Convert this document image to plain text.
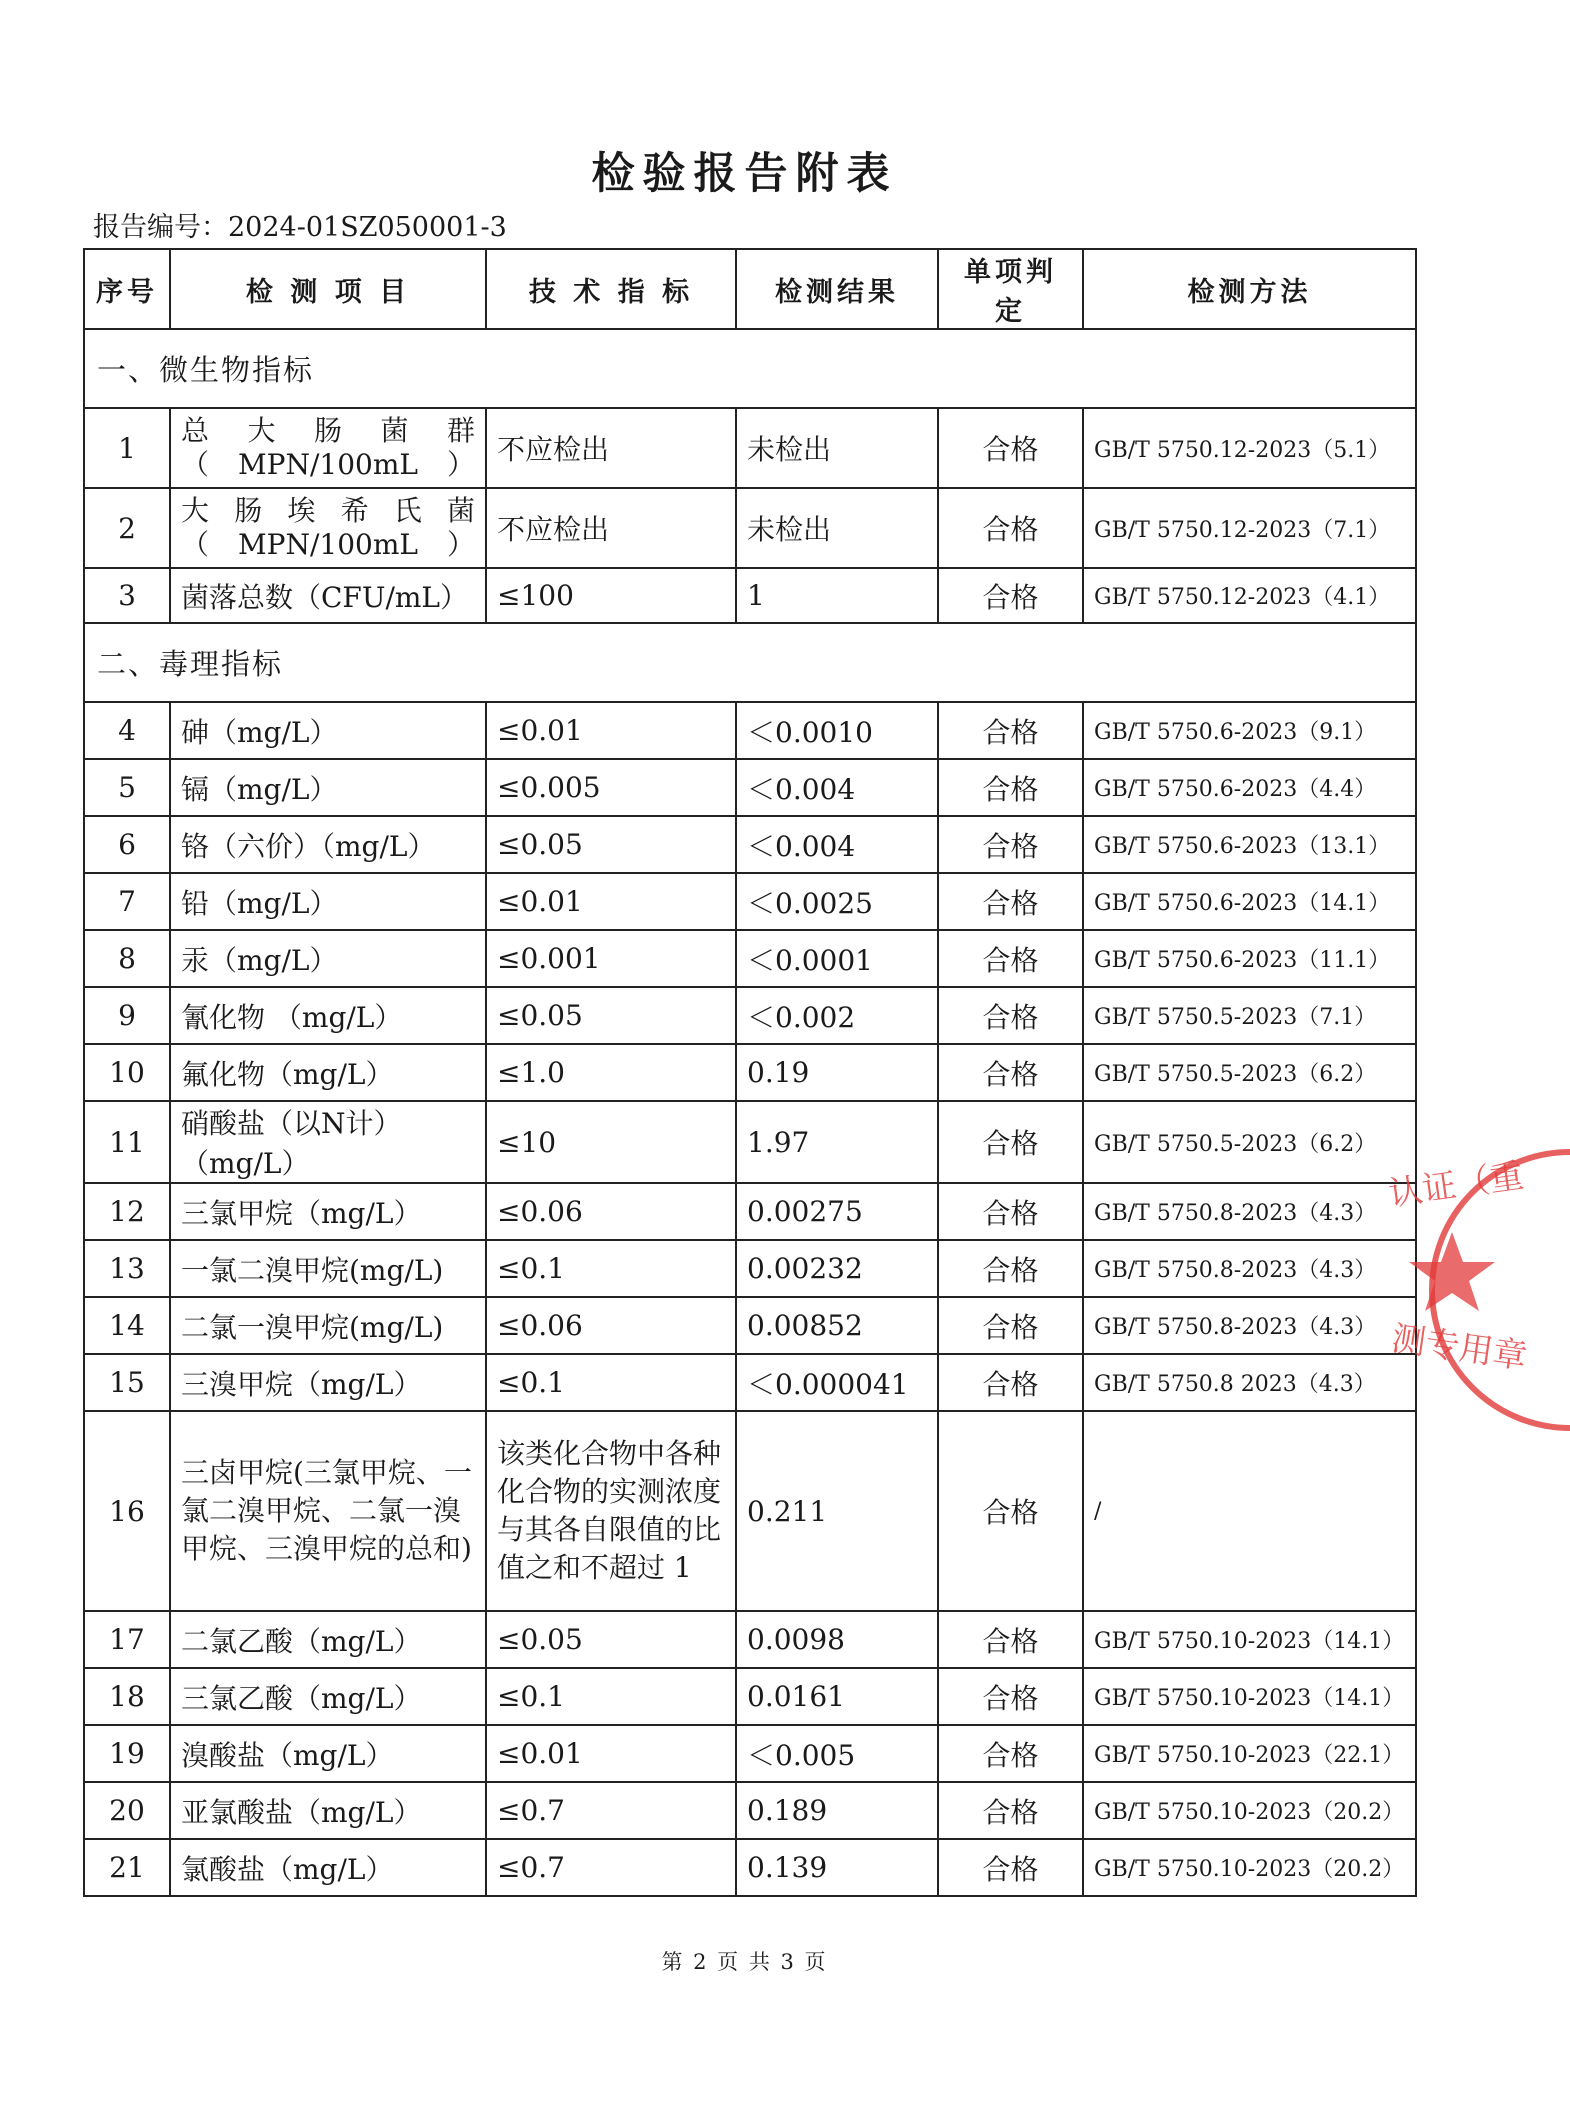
检验报告附表
报告编号：2024-01SZ050001-3
序号	检 测 项 目	技 术 指 标	检测结果	单项判定	检测方法
一、微生物指标					
1	总 大 肠 菌 群 （MPN/100mL）	不应检出	未检出	合格	GB/T 5750.12-2023（5.1）
2	大 肠 埃 希 氏 菌 （MPN/100mL）	不应检出	未检出	合格	GB/T 5750.12-2023（7.1）
3	菌落总数（CFU/mL）	≤100	1	合格	GB/T 5750.12-2023（4.1）
二、毒理指标					
4	砷（mg/L）	≤0.01	＜0.0010	合格	GB/T 5750.6-2023（9.1）
5	镉（mg/L）	≤0.005	＜0.004	合格	GB/T 5750.6-2023（4.4）
6	铬（六价）（mg/L）	≤0.05	＜0.004	合格	GB/T 5750.6-2023（13.1）
7	铅（mg/L）	≤0.01	＜0.0025	合格	GB/T 5750.6-2023（14.1）
8	汞（mg/L）	≤0.001	＜0.0001	合格	GB/T 5750.6-2023（11.1）
9	氰化物 （mg/L）	≤0.05	＜0.002	合格	GB/T 5750.5-2023（7.1）
10	氟化物（mg/L）	≤1.0	0.19	合格	GB/T 5750.5-2023（6.2）
11	硝酸盐（以N计）（mg/L）	≤10	1.97	合格	GB/T 5750.5-2023（6.2）
12	三氯甲烷（mg/L）	≤0.06	0.00275	合格	GB/T 5750.8-2023（4.3）
13	一氯二溴甲烷(mg/L)	≤0.1	0.00232	合格	GB/T 5750.8-2023（4.3）
14	二氯一溴甲烷(mg/L)	≤0.06	0.00852	合格	GB/T 5750.8-2023（4.3）
15	三溴甲烷（mg/L）	≤0.1	＜0.000041	合格	GB/T 5750.8 2023（4.3）
16	三卤甲烷(三氯甲烷、一氯二溴甲烷、二氯一溴甲烷、三溴甲烷的总和)	该类化合物中各种化合物的实测浓度与其各自限值的比值之和不超过 1	0.211	合格	/
17	二氯乙酸（mg/L）	≤0.05	0.0098	合格	GB/T 5750.10-2023（14.1）
18	三氯乙酸（mg/L）	≤0.1	0.0161	合格	GB/T 5750.10-2023（14.1）
19	溴酸盐（mg/L）	≤0.01	＜0.005	合格	GB/T 5750.10-2023（22.1）
20	亚氯酸盐（mg/L）	≤0.7	0.189	合格	GB/T 5750.10-2023（20.2）
21	氯酸盐（mg/L）	≤0.7	0.139	合格	GB/T 5750.10-2023（20.2）
认证（重
测专用章
第 2 页 共 3 页
